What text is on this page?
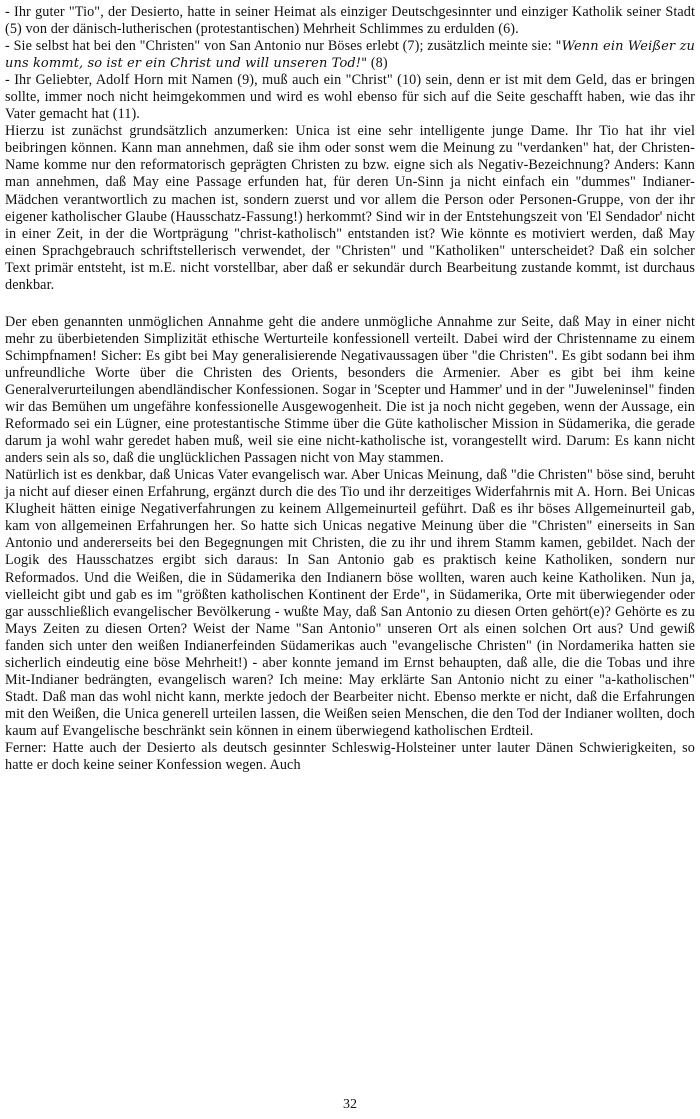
- Ihr guter "Tio", der Desierto, hatte in seiner Heimat als einziger Deutschgesinnter und einziger Katholik seiner Stadt (5) von der dänisch-lutherischen (protestantischen) Mehrheit Schlimmes zu erdulden (6).

- Sie selbst hat bei den "Christen" von San Antonio nur Böses erlebt (7); zusätzlich meinte sie: "Wenn ein Weißer zu uns kommt, so ist er ein Christ und will unseren Tod!" (8)

- Ihr Geliebter, Adolf Horn mit Namen (9), muß auch ein "Christ" (10) sein, denn er ist mit dem Geld, das er bringen sollte, immer noch nicht heimgekommen und wird es wohl ebenso für sich auf die Seite geschafft haben, wie das ihr Vater gemacht hat (11).

Hierzu ist zunächst grundsätzlich anzumerken: Unica ist eine sehr intelligente junge Dame. Ihr Tio hat ihr viel beibringen können. Kann man annehmen, daß sie ihm oder sonst wem die Meinung zu "verdanken" hat, der Christen-Name komme nur den reformatorisch geprägten Christen zu bzw. eigne sich als Negativ-Bezeichnung? Anders: Kann man annehmen, daß May eine Passage erfunden hat, für deren Un-Sinn ja nicht einfach ein "dummes" Indianer-Mädchen verantwortlich zu machen ist, sondern zuerst und vor allem die Person oder Personen-Gruppe, von der ihr eigener katholischer Glaube (Hausschatz-Fassung!) herkommt? Sind wir in der Entstehungszeit von 'El Sendador' nicht in einer Zeit, in der die Wortprägung "christ-katholisch" entstanden ist? Wie könnte es motiviert werden, daß May einen Sprachgebrauch schriftstellerisch verwendet, der "Christen" und "Katholiken" unterscheidet? Daß ein solcher Text primär entsteht, ist m.E. nicht vorstellbar, aber daß er sekundär durch Bearbeitung zustande kommt, ist durchaus denkbar.

Der eben genannten unmöglichen Annahme geht die andere unmögliche Annahme zur Seite, daß May in einer nicht mehr zu überbietenden Simplizität ethische Werturteile konfessionell verteilt. Dabei wird der Christenname zu einem Schimpfnamen! Sicher: Es gibt bei May generalisierende Negativaussagen über "die Christen". Es gibt sodann bei ihm unfreundliche Worte über die Christen des Orients, besonders die Armenier. Aber es gibt bei ihm keine Generalverurteilungen abendländischer Konfessionen. Sogar in 'Scepter und Hammer' und in der "Juweleninsel" finden wir das Bemühen um ungefähre konfessionelle Ausgewogenheit. Die ist ja noch nicht gegeben, wenn der Aussage, ein Reformado sei ein Lügner, eine protestantische Stimme über die Güte katholischer Mission in Südamerika, die gerade darum ja wohl wahr geredet haben muß, weil sie eine nicht-katholische ist, vorangestellt wird. Darum: Es kann nicht anders sein als so, daß die unglücklichen Passagen nicht von May stammen.

Natürlich ist es denkbar, daß Unicas Vater evangelisch war. Aber Unicas Meinung, daß "die Christen" böse sind, beruht ja nicht auf dieser einen Erfahrung, ergänzt durch die des Tio und ihr derzeitiges Widerfahrnis mit A. Horn. Bei Unicas Klugheit hätten einige Negativerfahrungen zu keinem Allgemeinurteil geführt. Daß es ihr böses Allgemeinurteil gab, kam von allgemeinen Erfahrungen her. So hatte sich Unicas negative Meinung über die "Christen" einerseits in San Antonio und andererseits bei den Begegnungen mit Christen, die zu ihr und ihrem Stamm kamen, gebildet. Nach der Logik des Hausschatzes ergibt sich daraus: In San Antonio gab es praktisch keine Katholiken, sondern nur Reformados. Und die Weißen, die in Südamerika den Indianern böse wollten, waren auch keine Katholiken. Nun ja, vielleicht gibt und gab es im "größten katholischen Kontinent der Erde", in Südamerika, Orte mit überwiegender oder gar ausschließlich evangelischer Bevölkerung - wußte May, daß San Antonio zu diesen Orten gehört(e)? Gehörte es zu Mays Zeiten zu diesen Orten? Weist der Name "San Antonio" unseren Ort als einen solchen Ort aus? Und gewiß fanden sich unter den weißen Indianerfeinden Südamerikas auch "evangelische Christen" (in Nordamerika hatten sie sicherlich eindeutig eine böse Mehrheit!) - aber konnte jemand im Ernst behaupten, daß alle, die die Tobas und ihre Mit-Indianer bedrängten, evangelisch waren? Ich meine: May erklärte San Antonio nicht zu einer "a-katholischen" Stadt. Daß man das wohl nicht kann, merkte jedoch der Bearbeiter nicht. Ebenso merkte er nicht, daß die Erfahrungen mit den Weißen, die Unica generell urteilen lassen, die Weißen seien Menschen, die den Tod der Indianer wollten, doch kaum auf Evangelische beschränkt sein können in einem überwiegend katholischen Erdteil.

Ferner: Hatte auch der Desierto als deutsch gesinnter Schleswig-Holsteiner unter lauter Dänen Schwierigkeiten, so hatte er doch keine seiner Konfession wegen. Auch

32
